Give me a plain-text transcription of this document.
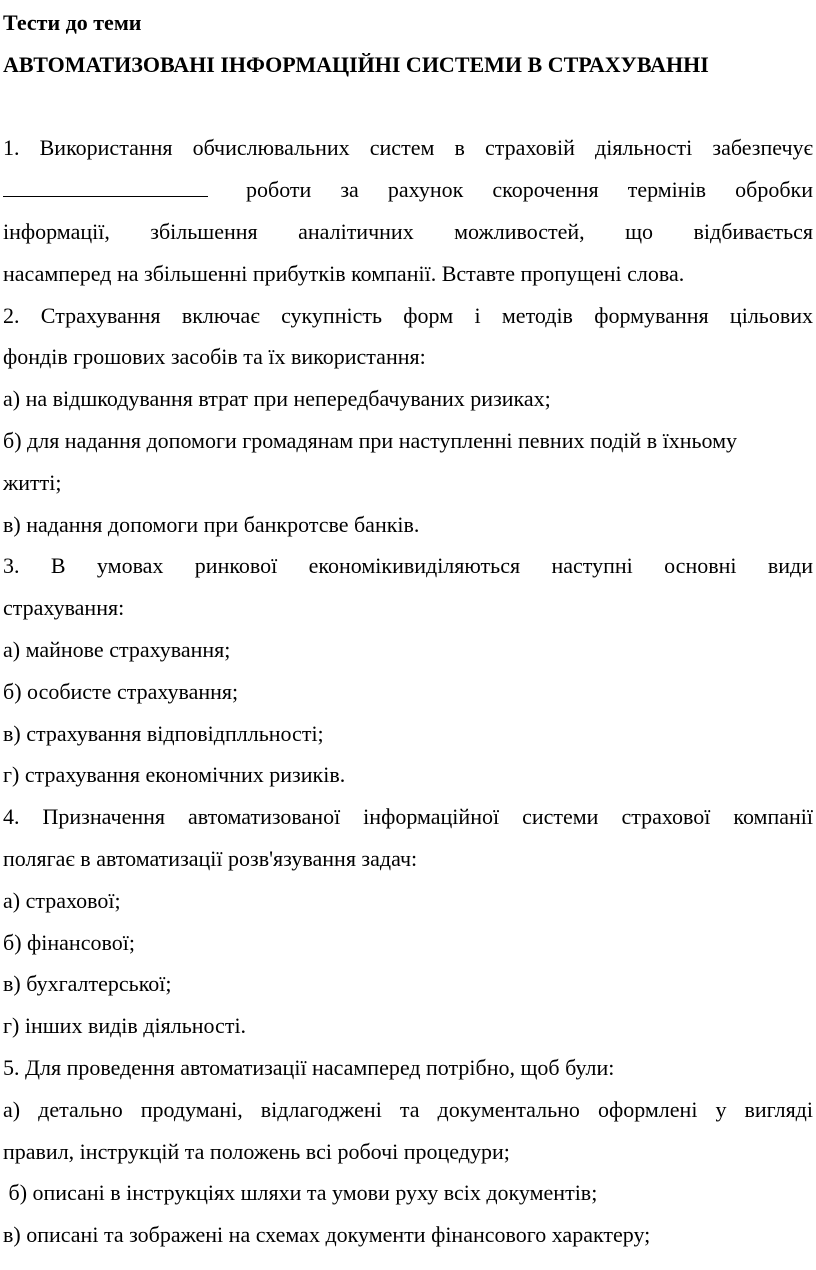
Тести до теми
АВТОМАТИЗОВАНІ ІНФОРМАЦІЙНІ СИСТЕМИ В СТРАХУВАННІ
1. Використання обчислювальних систем в страховій діяльності забезпечує
роботи за рахунок скорочення термінів обробки
інформації, збільшення аналітичних можливостей, що відбивається
насамперед на збільшенні прибутків компанії. Вставте пропущені слова.
2. Страхування включає сукупність форм і методів формування цільових
фондів грошових засобів та їх використання:
а) на відшкодування втрат при непередбачуваних ризиках;
б) для надання допомоги громадянам при наступленні певних подій в їхньому
житті;
в) надання допомоги при банкротсве банків.
3. В умовах ринкової економікивиділяються наступні основні види
страхування:
а) майнове страхування;
б) особисте страхування;
в) страхування відповідплльності;
г) страхування економічних ризиків.
4. Призначення автоматизованої інформаційної системи страхової компанії
полягає в автоматизації розв'язування задач:
а) страхової;
б) фінансової;
в) бухгалтерської;
г) інших видів діяльності.
5. Для проведення автоматизації насамперед потрібно, щоб були:
а) детально продумані, відлагоджені та документально оформлені у вигляді
правил, інструкцій та положень всі робочі процедури;
б) описані в інструкціях шляхи та умови руху всіх документів;
в) описані та зображені на схемах документи фінансового характеру;
